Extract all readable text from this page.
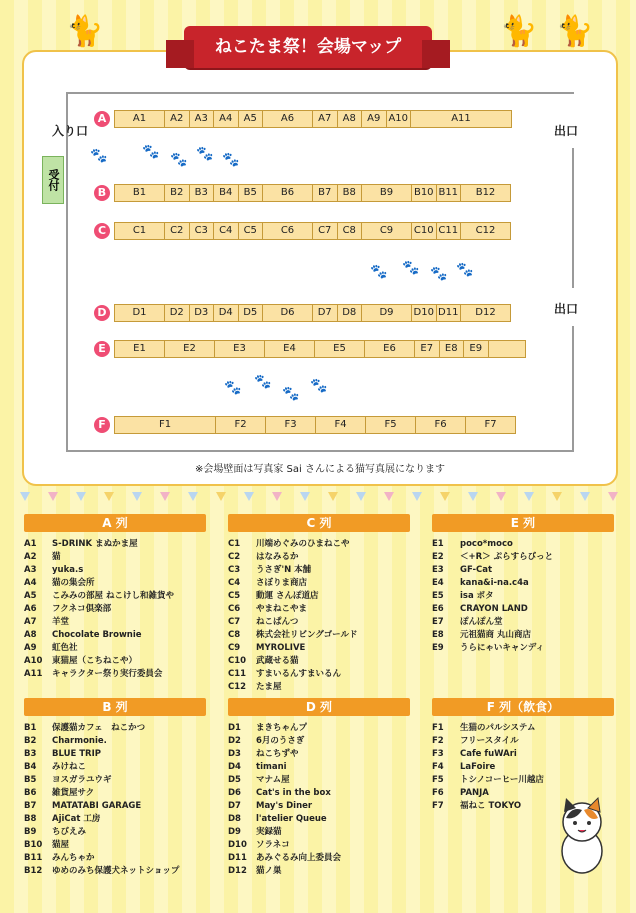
🐈	🐈 🐈
ねこたま祭！会場マップ
入り口	出口
出口
受付
※会場壁面は写真家 Sai さんによる猫写真展になります
🐾 🐾 🐾 🐾 🐾
🐾 🐾 🐾 🐾
🐾 🐾
🐾 🐾
A	A1	A2	A3	A4	A5	A6	A7	A8	A9 A10	A11
B	B1	B2	B3	B4	B5	B6	B7	B8	B9	B10 B11	B12
C	C1	C2	C3	C4	C5	C6	C7	C8	C9	C10 C11	C12
D	D1	D2	D3	D4	D5	D6	D7	D8	D9	D10 D11	D12
E	E1	E2	E3	E4	E5	E6	E7	E8	E9
F	F1	F2	F3	F4	F5	F6	F7
A 列
A1	S-DRINK まぬかま屋
A2	猫
A3	yuka.s
A4	猫の集会所
A5	こみみの部屋 ねこけし和雑貨や
A6	フクネコ倶楽部
A7	羊堂
A8	Chocolate Brownie
A9	虹色社
A10	東猫屋（こちねこや）
A11	キャラクター祭り実行委員会
C 列
C1	川端めぐみのひまねこや
C2	はなみるか
C3	うさぎ'N 本舗
C4	さぼりま商店
C5	動運 さんぽ道店
C6	やまねこやま
C7	ねこぱんつ
C8	株式会社リビングゴールド
C9	MYROLIVE
C10	武蔵せる猫
C11	すまいるんすまいるん
C12	たま屋
E 列
E1	poco*moco
E2	＜+R＞ ぷらすらびっと
E3	GF-Cat
E4	kana&i-na.c4a
E5	isa ポタ
E6	CRAYON LAND
E7	ぽんぽん堂
E8	元祖猫商 丸山商店
E9	うらにゃいキャンディ
B 列
B1	保護猫カフェ　ねこかつ
B2	Charmonie.
B3	BLUE TRIP
B4	みけねこ
B5	ヨスガラユウギ
B6	雑貨屋サク
B7	MATATABI GARAGE
B8	AjiCat 工房
B9	ちびえみ
B10	猫屋
B11	みんちゃか
B12	ゆめのみち保護犬ネットショップ
D 列
D1	まきちゃんプ
D2	6月のうさぎ
D3	ねこちずや
D4	timani
D5	マナム屋
D6	Cat's in the box
D7	May's Diner
D8	l'atelier Queue
D9	実録猫
D10	ソラネコ
D11	あみぐるみ向上委員会
D12	猫ノ巣
F 列（飲食）
F1	生猫のパルシステム
F2	フリースタイル
F3	Cafe fuWAri
F4	LaFoire
F5	トシノコーヒー川越店
F6	PANJA
F7	福ねこ TOKYO
